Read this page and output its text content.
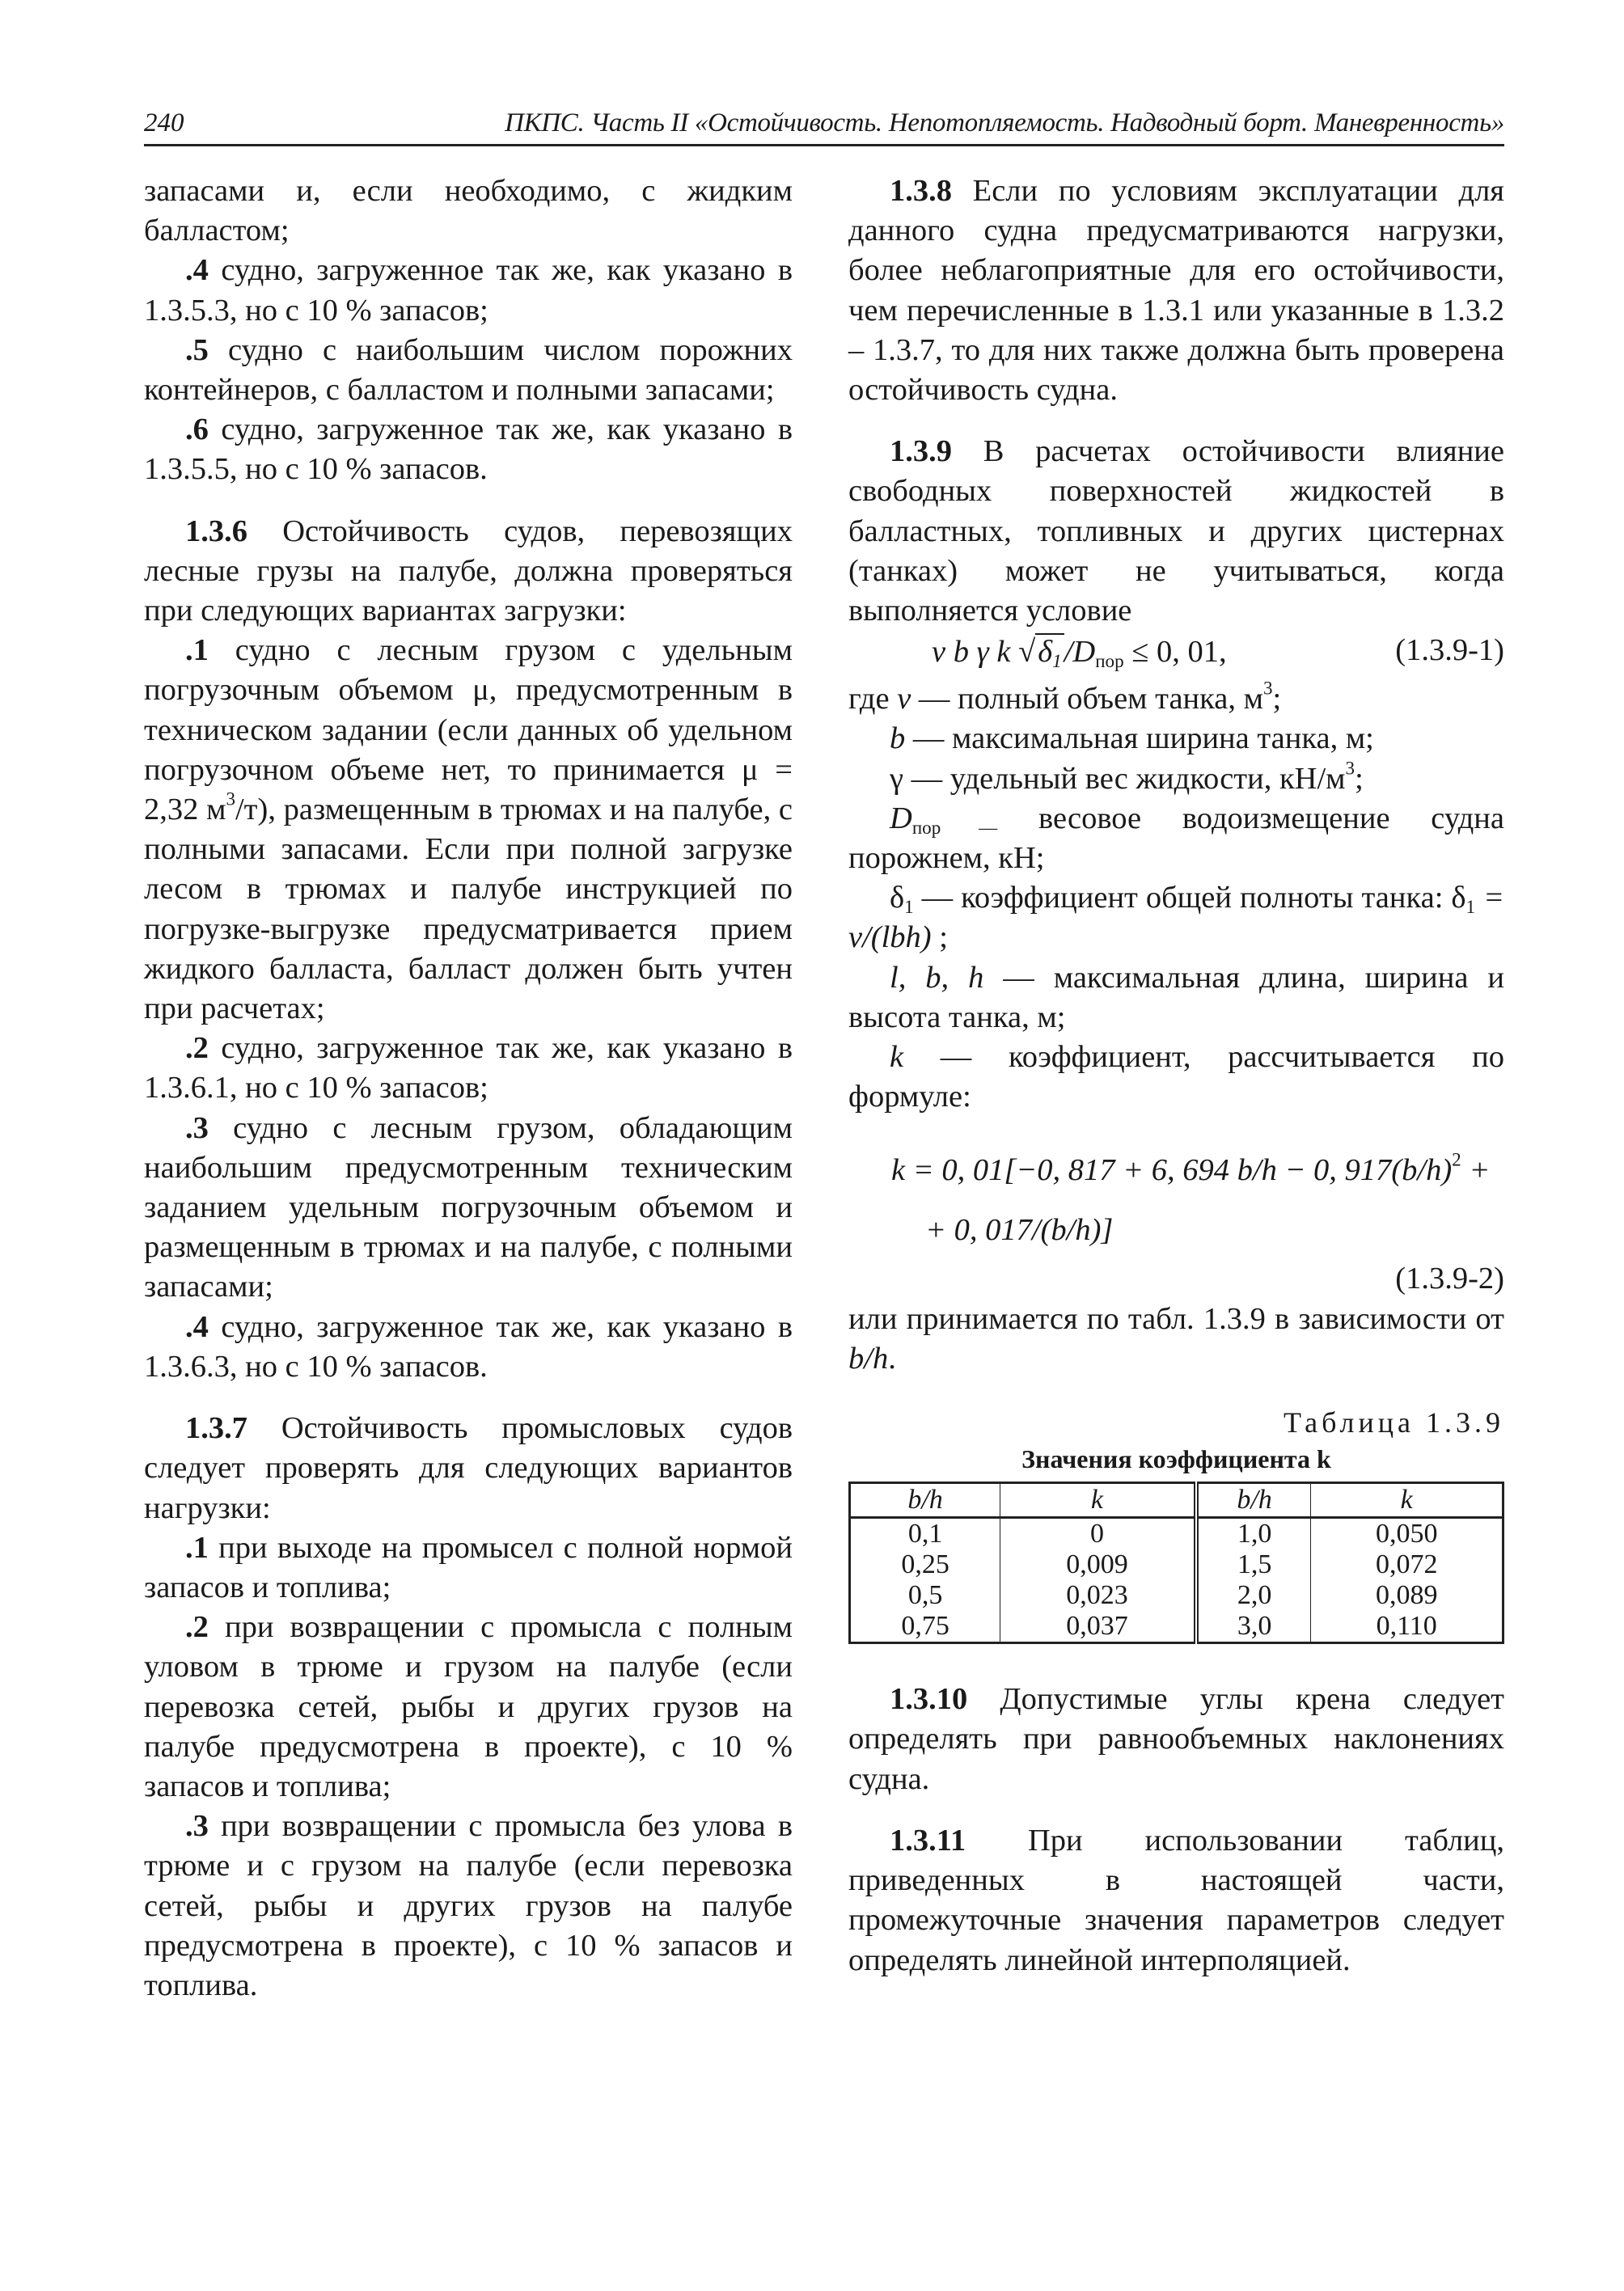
240	ПКПС. Часть II «Остойчивость. Непотопляемость. Надводный борт. Маневренность»

запасами и, если необходимо, с жидким балластом;

.4 судно, загруженное так же, как указано в 1.3.5.3, но с 10 % запасов;

.5 судно с наибольшим числом порожних контейнеров, с балластом и полными запасами;

.6 судно, загруженное так же, как указано в 1.3.5.5, но с 10 % запасов.

1.3.6 Остойчивость судов, перевозящих лесные грузы на палубе, должна проверяться при следующих вариантах загрузки:

.1 судно с лесным грузом с удельным погрузочным объемом μ, предусмотренным в техническом задании (если данных об удельном погрузочном объеме нет, то принимается μ = 2,32 $м^3/т$), размещенным в трюмах и на палубе, с полными запасами. Если при полной загрузке лесом в трюмах и палубе инструкцией по погрузке-выгрузке предусматривается прием жидкого балласта, балласт должен быть учтен при расчетах;

.2 судно, загруженное так же, как указано в 1.3.6.1, но с 10 % запасов;

.3 судно с лесным грузом, обладающим наибольшим предусмотренным техническим заданием удельным погрузочным объемом и размещенным в трюмах и на палубе, с полными запасами;

.4 судно, загруженное так же, как указано в 1.3.6.3, но с 10 % запасов.

1.3.7 Остойчивость промысловых судов следует проверять для следующих вариантов нагрузки:

.1 при выходе на промысел с полной нормой запасов и топлива;

.2 при возвращении с промысла с полным уловом в трюме и грузом на палубе (если перевозка сетей, рыбы и других грузов на палубе предусмотрена в проекте), с 10 % запасов и топлива;

.3 при возвращении с промысла без улова в трюме и с грузом на палубе (если перевозка сетей, рыбы и других грузов на палубе предусмотрена в проекте), с 10 % запасов и топлива.

1.3.8 Если по условиям эксплуатации для данного судна предусматриваются нагрузки, более неблагоприятные для его остойчивости, чем перечисленные в 1.3.1 или указанные в 1.3.2 – 1.3.7, то для них также должна быть проверена остойчивость судна.

1.3.9 В расчетах остойчивости влияние свободных поверхностей жидкостей в балластных, топливных и других цистернах (танках) может не учитываться, когда выполняется условие

v b γ k $√\delta_1/D_{пор} \le 0$, 01,	(1.3.9-1)

где v — полный объем танка, $м^3$;

b — максимальная ширина танка, м;

γ — удельный вес жидкости, $кН/м^3$;

$D_{пор —}$ весовое водоизмещение судна порожнем, кН;

$\delta_1$ — коэффициент общей полноты танка: $\delta_1 = v/(lbh)$ ;

l, b, h — максимальная длина, ширина и высота танка, м;

k — коэффициент, рассчитывается по формуле:

k = 0, 01[−0, 817 + 6, 694 b/h − 0, $917(b/h)^2$ +
+ 0, 017/(b/h)]

(1.3.9-2)

или принимается по табл. 1.3.9 в зависимости от b/h.

Таблица 1.3.9
Значения коэффициента k
b/h	k	b/h	k
0,1	0	1,0	0,050
0,25	0,009	1,5	0,072
0,5	0,023	2,0	0,089
0,75	0,037	3,0	0,110

1.3.10 Допустимые углы крена следует определять при равнообъемных наклонениях судна.

1.3.11 При использовании таблиц, приведенных в настоящей части, промежуточные значения параметров следует определять линейной интерполяцией.
